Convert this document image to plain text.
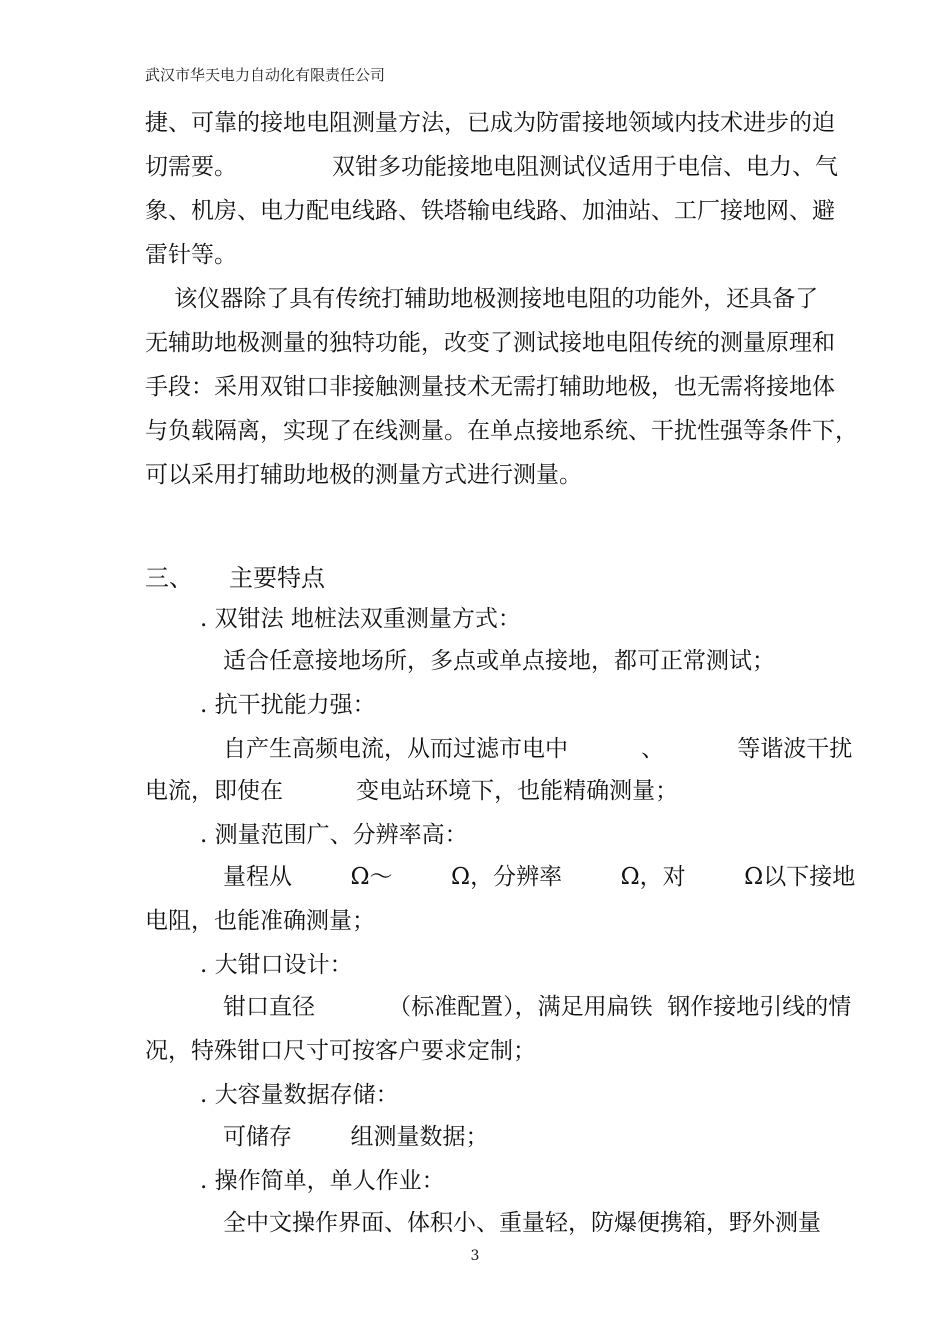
武汉市华天电力自动化有限责任公司
捷、可靠的接地电阻测量方法，已成为防雷接地领域内技术进步的迫
切需要。             双钳多功能接地电阻测试仪适用于电信、电力、气
象、机房、电力配电线路、铁塔输电线路、加油站、工厂接地网、避
雷针等。
该仪器除了具有传统打辅助地极测接地电阻的功能外，还具备了
无辅助地极测量的独特功能，改变了测试接地电阻传统的测量原理和
手段：采用双钳口非接触测量技术无需打辅助地极，也无需将接地体
与负载隔离，实现了在线测量。在单点接地系统、干扰性强等条件下，
可以采用打辅助地极的测量方式进行测量。
三、 主要特点
. 双钳法 地桩法双重测量方式：
适合任意接地场所，多点或单点接地，都可正常测试；
. 抗干扰能力强：
自产生高频电流，从而过滤市电中          、          等谐波干扰
电流，即使在          变电站环境下，也能精确测量；
. 测量范围广、分辨率高：
量程从        Ω～        Ω，分辨率        Ω，对        Ω以下接地
电阻，也能准确测量；
. 大钳口设计：
钳口直径          （标准配置），满足用扁铁  钢作接地引线的情
况，特殊钳口尺寸可按客户要求定制；
. 大容量数据存储：
可储存        组测量数据；
. 操作简单，单人作业：
全中文操作界面、体积小、重量轻，防爆便携箱，野外测量
3
